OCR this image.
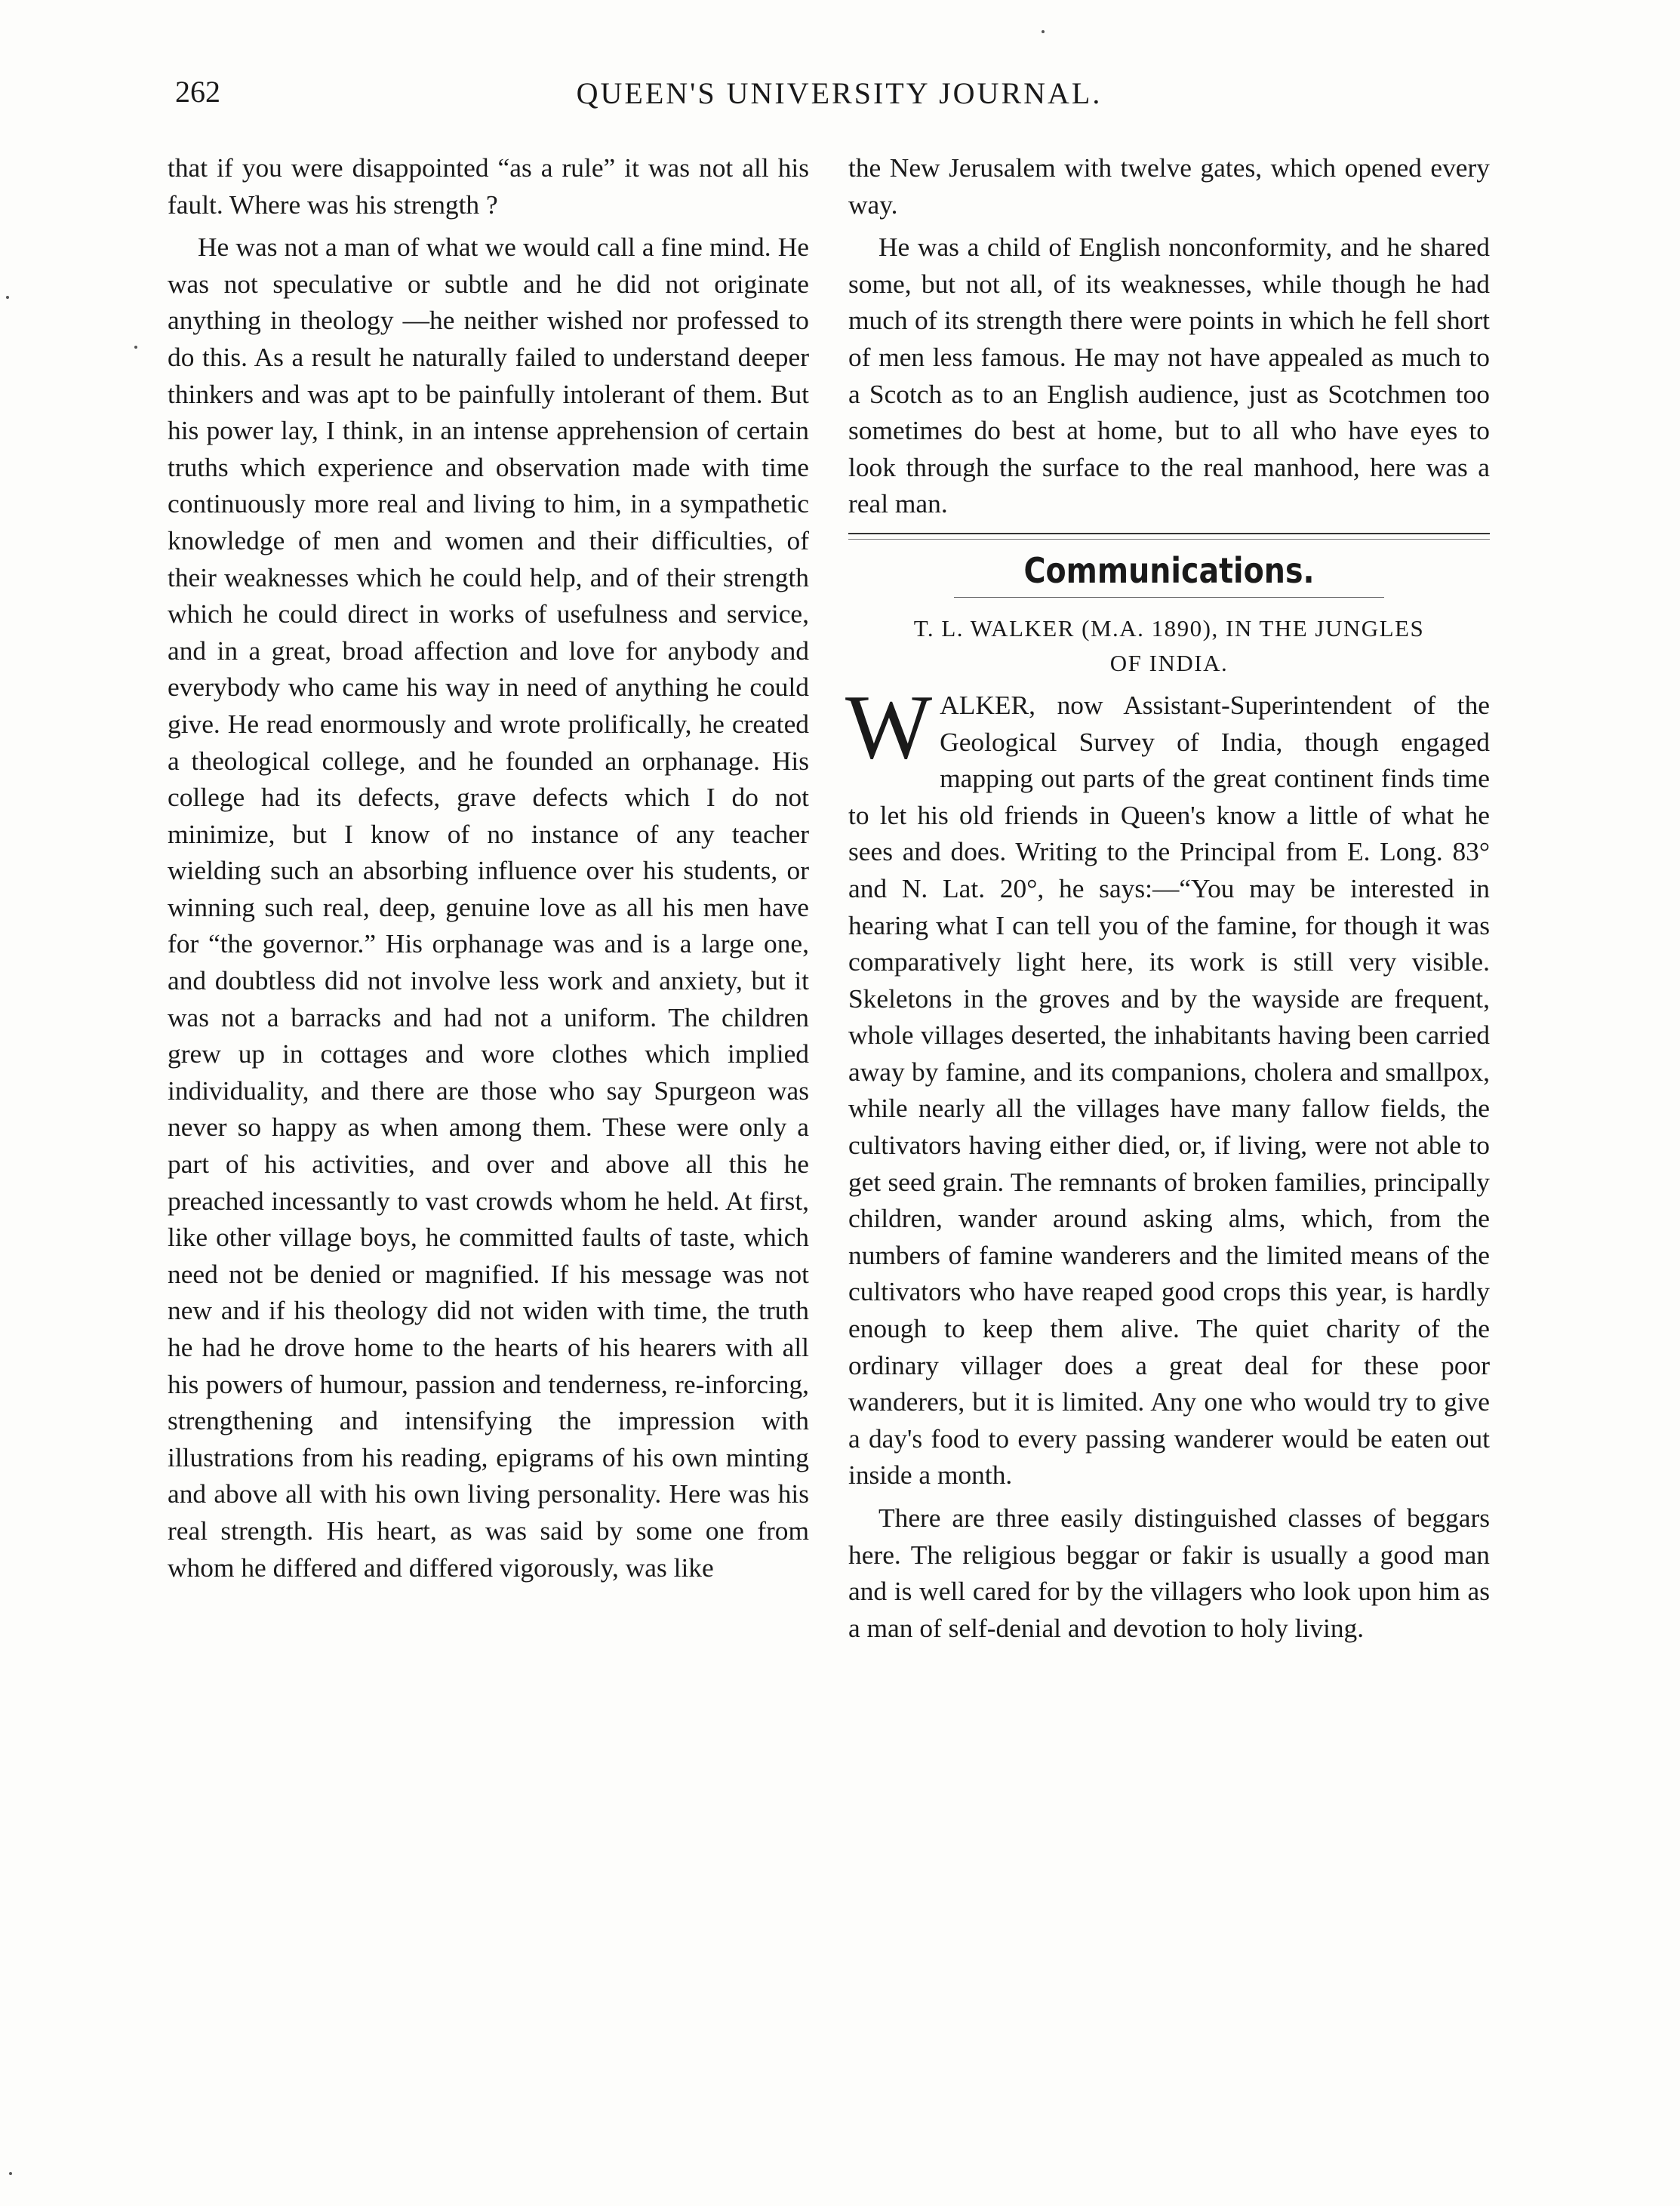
262	QUEEN'S UNIVERSITY JOURNAL.

that if you were disappointed “as a rule” it was not all his fault. Where was his strength ?

He was not a man of what we would call a fine mind. He was not speculative or subtle and he did not originate anything in theology —he neither wished nor professed to do this. As a result he naturally failed to understand deeper thinkers and was apt to be painfully intolerant of them. But his power lay, I think, in an intense apprehension of certain truths which experience and observation made with time continuously more real and living to him, in a sympathetic knowledge of men and women and their difficulties, of their weaknesses which he could help, and of their strength which he could direct in works of usefulness and service, and in a great, broad affection and love for anybody and everybody who came his way in need of anything he could give. He read enormously and wrote prolifically, he created a theological college, and he founded an orphanage. His college had its defects, grave defects which I do not minimize, but I know of no instance of any teacher wielding such an absorbing influence over his students, or winning such real, deep, genuine love as all his men have for “the governor.” His orphanage was and is a large one, and doubtless did not involve less work and anxiety, but it was not a barracks and had not a uniform. The children grew up in cottages and wore clothes which implied individuality, and there are those who say Spurgeon was never so happy as when among them. These were only a part of his activities, and over and above all this he preached incessantly to vast crowds whom he held. At first, like other village boys, he committed faults of taste, which need not be denied or magnified. If his message was not new and if his theology did not widen with time, the truth he had he drove home to the hearts of his hearers with all his powers of humour, passion and tenderness, re-inforcing, strengthening and intensifying the impression with illustrations from his reading, epigrams of his own minting and above all with his own living personality. Here was his real strength. His heart, as was said by some one from whom he differed and differed vigorously, was like

the New Jerusalem with twelve gates, which opened every way.

He was a child of English nonconformity, and he shared some, but not all, of its weaknesses, while though he had much of its strength there were points in which he fell short of men less famous. He may not have appealed as much to a Scotch as to an English audience, just as Scotchmen too sometimes do best at home, but to all who have eyes to look through the surface to the real manhood, here was a real man.

Communications.
T. L. WALKER (M.A. 1890), IN THE JUNGLES
OF INDIA.

WALKER, now Assistant-Superintendent of the Geological Survey of India, though engaged mapping out parts of the great continent finds time to let his old friends in Queen's know a little of what he sees and does. Writing to the Principal from E. Long. 83° and N. Lat. 20°, he says:—“You may be interested in hearing what I can tell you of the famine, for though it was comparatively light here, its work is still very visible. Skeletons in the groves and by the wayside are frequent, whole villages deserted, the inhabitants having been carried away by famine, and its companions, cholera and smallpox, while nearly all the villages have many fallow fields, the cultivators having either died, or, if living, were not able to get seed grain. The remnants of broken families, principally children, wander around asking alms, which, from the numbers of famine wanderers and the limited means of the cultivators who have reaped good crops this year, is hardly enough to keep them alive. The quiet charity of the ordinary villager does a great deal for these poor wanderers, but it is limited. Any one who would try to give a day's food to every passing wanderer would be eaten out inside a month.

There are three easily distinguished classes of beggars here. The religious beggar or fakir is usually a good man and is well cared for by the villagers who look upon him as a man of self-denial and devotion to holy living.
